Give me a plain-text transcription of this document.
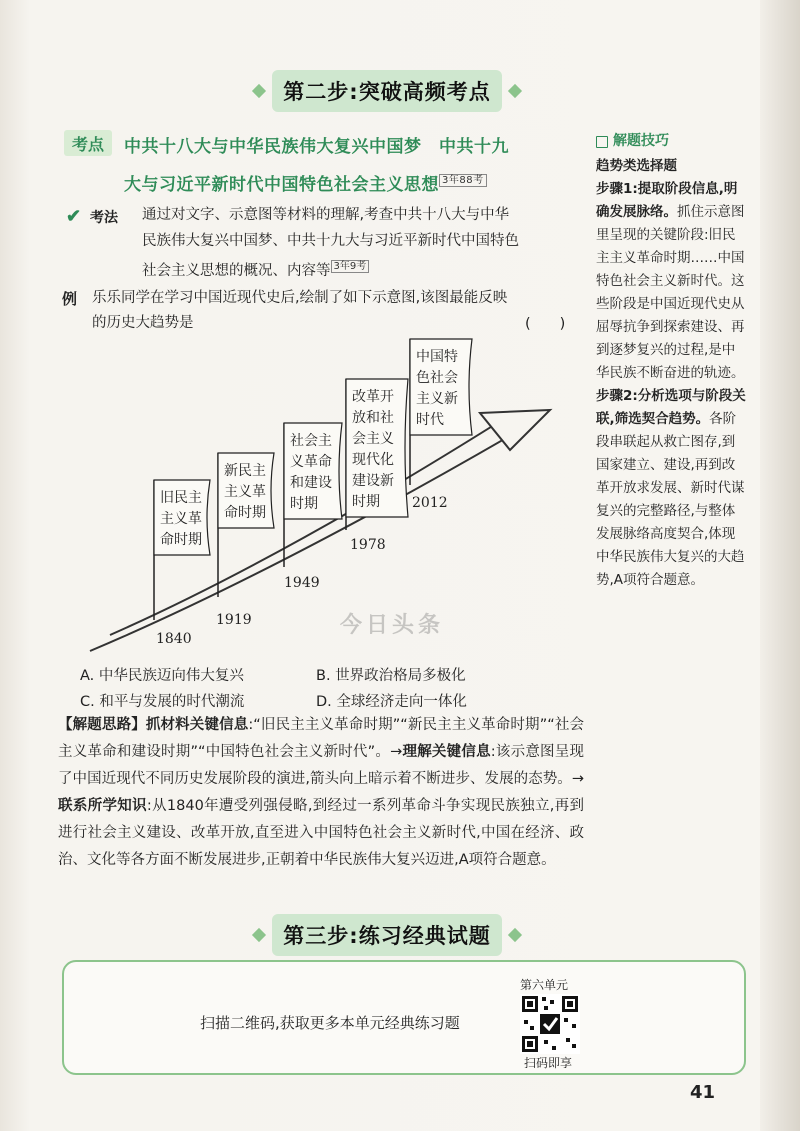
第二步:突破高频考点
考点	中共十八大与中华民族伟大复兴中国梦　中共十九
大与习近平新时代中国特色社会主义思想 $^{3年88考}$
✔ 考法 通过对文字、示意图等材料的理解,考查中共十八大与中华
民族伟大复兴中国梦、中共十九大与习近平新时代中国特色
社会主义思想的概况、内容等 $^{3年9考}$
例 乐乐同学在学习中国近现代史后,绘制了如下示意图,该图最能反映
的历史大趋势是	(　　)
旧民主
主义革
命时期
新民主
主义革
命时期
社会主
义革命
和建设
时期
改革开
放和社
会主义
现代化
建设新
时期
中国特
色社会
主义新
时代
1840
1919
1949
1978
2012
A. 中华民族迈向伟大复兴	B. 世界政治格局多极化
C. 和平与发展的时代潮流	D. 全球经济走向一体化
今日头条
【解题思路】抓材料关键信息:“旧民主主义革命时期”“新民主主义革命时期”“社会主义革命和建设时期”“中国特色社会主义新时代”。→理解关键信息:该示意图呈现了中国近现代不同历史发展阶段的演进,箭头向上暗示着不断进步、发展的态势。→联系所学知识:从1840年遭受列强侵略,到经过一系列革命斗争实现民族独立,再到进行社会主义建设、改革开放,直至进入中国特色社会主义新时代,中国在经济、政治、文化等各方面不断发展进步,正朝着中华民族伟大复兴迈进,A项符合题意。
解题技巧
趋势类选择题
步骤1:提取阶段信息,明确发展脉络。抓住示意图里呈现的关键阶段:旧民主主义革命时期……中国特色社会主义新时代。这些阶段是中国近现代史从屈辱抗争到探索建设、再到逐梦复兴的过程,是中华民族不断奋进的轨迹。
步骤2:分析选项与阶段关联,筛选契合趋势。各阶段串联起从救亡图存,到国家建立、建设,再到改革开放求发展、新时代谋复兴的完整路径,与整体发展脉络高度契合,体现中华民族伟大复兴的大趋势,A项符合题意。
第三步:练习经典试题
扫描二维码,获取更多本单元经典练习题
第六单元
扫码即享
41
